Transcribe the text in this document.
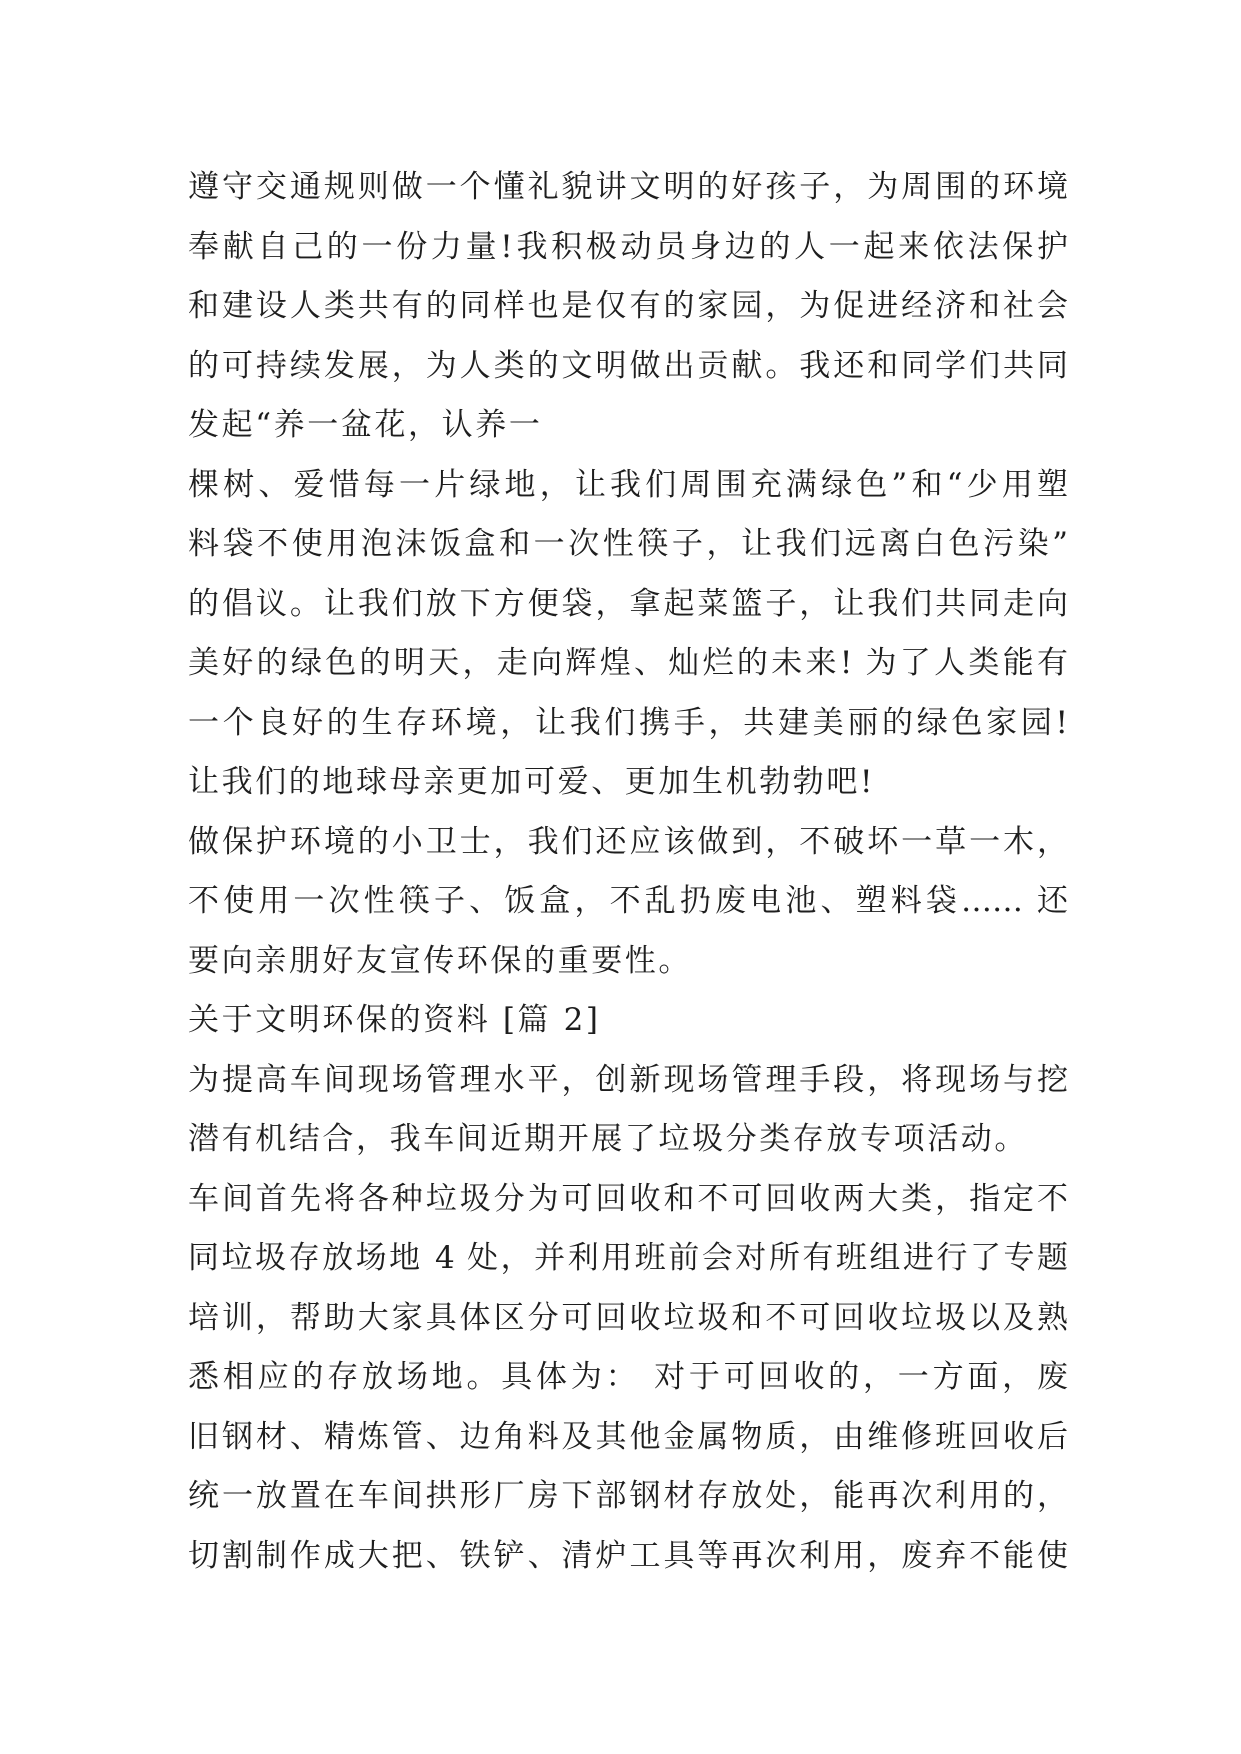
遵守交通规则做一个懂礼貌讲文明的好孩子，为周围的环境
奉献自己的一份力量!我积极动员身边的人一起来依法保护
和建设人类共有的同样也是仅有的家园，为促进经济和社会
的可持续发展，为人类的文明做出贡献。我还和同学们共同
发起“养一盆花，认养一
棵树、爱惜每一片绿地，让我们周围充满绿色”和“少用塑
料袋不使用泡沫饭盒和一次性筷子，让我们远离白色污染”
的倡议。让我们放下方便袋，拿起菜篮子，让我们共同走向
美好的绿色的明天，走向辉煌、灿烂的未来! 为了人类能有
一个良好的生存环境，让我们携手，共建美丽的绿色家园!
让我们的地球母亲更加可爱、更加生机勃勃吧!
做保护环境的小卫士，我们还应该做到，不破坏一草一木，
不使用一次性筷子、饭盒，不乱扔废电池、塑料袋…… 还
要向亲朋好友宣传环保的重要性。
关于文明环保的资料 [篇 2]
为提高车间现场管理水平，创新现场管理手段，将现场与挖
潜有机结合，我车间近期开展了垃圾分类存放专项活动。
车间首先将各种垃圾分为可回收和不可回收两大类，指定不
同垃圾存放场地 4 处，并利用班前会对所有班组进行了专题
培训，帮助大家具体区分可回收垃圾和不可回收垃圾以及熟
悉相应的存放场地。具体为： 对于可回收的，一方面，废
旧钢材、精炼管、边角料及其他金属物质，由维修班回收后
统一放置在车间拱形厂房下部钢材存放处，能再次利用的，
切割制作成大把、铁铲、清炉工具等再次利用，废弃不能使
